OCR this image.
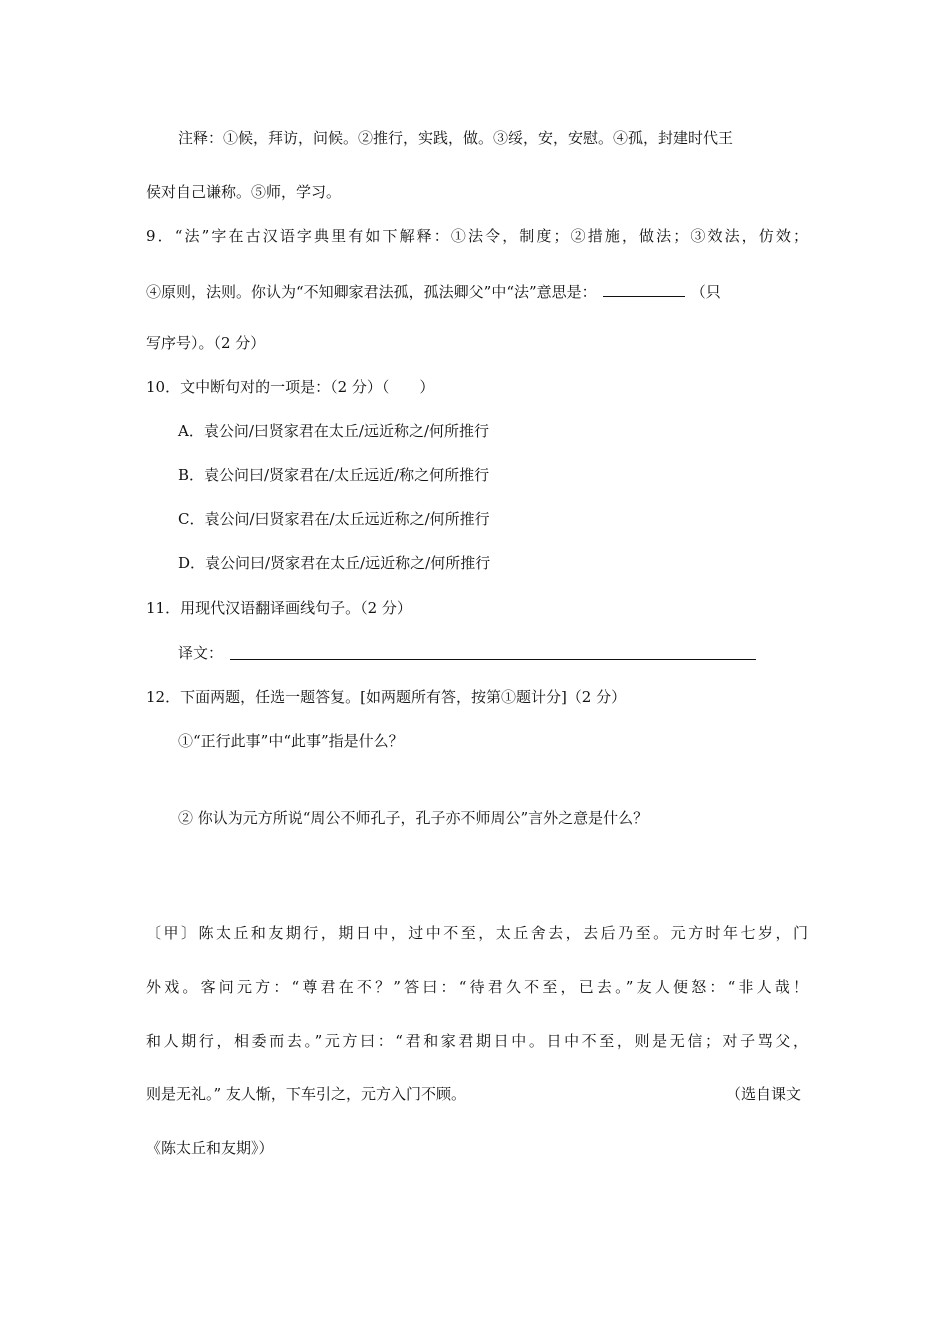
注释：①候，拜访，问候。②推行，实践，做。③绥，安，安慰。④孤，封建时代王
侯对自己谦称。⑤师，学习。
9．“法”字在古汉语字典里有如下解释：①法令，制度；②措施，做法；③效法，仿效；
④原则，法则。你认为“不知卿家君法孤，孤法卿父”中“法”意思是：	（只
写序号）。（2 分）
10．文中断句对的一项是：（2 分）（　　）
A．袁公问/曰贤家君在太丘/远近称之/何所推行
B．袁公问曰/贤家君在/太丘远近/称之何所推行
C．袁公问/曰贤家君在/太丘远近称之/何所推行
D．袁公问曰/贤家君在太丘/远近称之/何所推行
11．用现代汉语翻译画线句子。（2 分）
译文：
12．下面两题，任选一题答复。[如两题所有答，按第①题计分]（2 分）
①“正行此事”中“此事”指是什么？
② 你认为元方所说“周公不师孔子，孔子亦不师周公”言外之意是什么？
〔甲〕陈太丘和友期行，期日中，过中不至，太丘舍去，去后乃至。元方时年七岁，门
外戏。客问元方：“尊君在不？”答曰：“待君久不至，已去。”友人便怒：“非人哉！
和人期行，相委而去。”元方曰：“君和家君期日中。日中不至，则是无信；对子骂父，
则是无礼。” 友人惭，下车引之，元方入门不顾。	（选自课文
《陈太丘和友期》）
